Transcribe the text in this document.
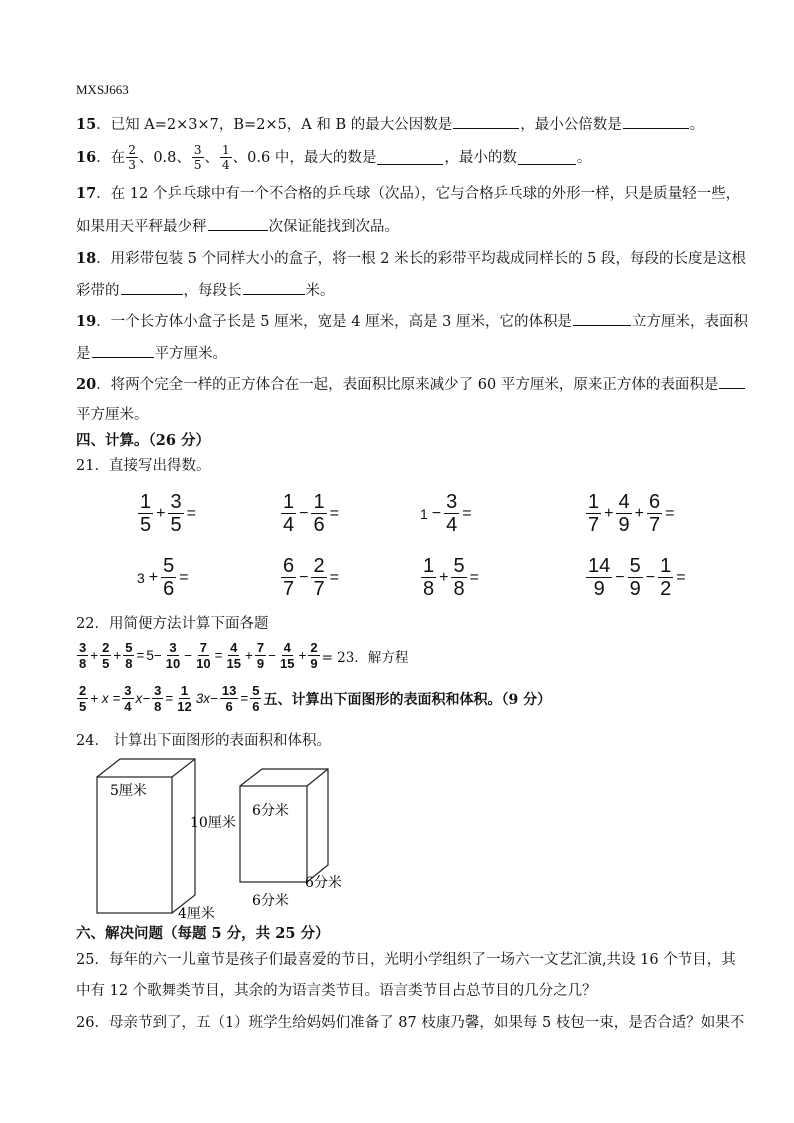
MXSJ663
15．已知 A=2×3×7，B=2×5，A 和 B 的最大公因数是	，最小公倍数是	。
16 ．在 $\frac{2}{3}$ 、0.8、 $\frac{3}{5}$ 、 $\frac{1}{4}$ 、0.6 中，最大的数是	，最小的数	。
17．在 12 个乒乓球中有一个不合格的乒乓球（次品），它与合格乒乓球的外形一样，只是质量轻一些，
如果用天平秤最少秤	次保证能找到次品。
18．用彩带包装 5 个同样大小的盒子，将一根 2 米长的彩带平均裁成同样长的 5 段，每段的长度是这根
彩带的	，每段长	米。
19．一个长方体小盒子长是 5 厘米，宽是 4 厘米，高是 3 厘米，它的体积是	立方厘米，表面积
是	平方厘米。
20．将两个完全一样的正方体合在一起，表面积比原来减少了 60 平方厘米，原来正方体的表面积是
平方厘米。
四、计算。（26 分）
21．直接写出得数。
$\frac{1}{5} + \frac{3}{5}$ =	$\frac{1}{4} - \frac{1}{6}$ =	$1 - \frac{3}{4}$ =	$\frac{1}{7} + \frac{4}{9} + \frac{6}{7}$ =
$3 + \frac{5}{6}$ =	$\frac{6}{7} - \frac{2}{7}$ =	$\frac{1}{8} + \frac{5}{8}$ =	$\frac{14}{9} - \frac{5}{9} - \frac{1}{2}$ =
22．用简便方法计算下面各题
$\frac{3}{8} + \frac{2}{5} + \frac{5}{8} = 5- \frac{3}{10} - \frac{7}{10} = \frac{4}{15} + \frac{7}{9} - \frac{4}{15} + \frac{2}{9} = 23$．解方程
$\frac{2}{5} + x = \frac{3}{4} x- \frac{3}{8} = \frac{1}{12} 3x- \frac{13}{6} = \frac{5}{6}$ 五、计算出下面图形的表面积和体积。（9 分）
24． 计算出下面图形的表面积和体积。
5厘米
10厘米
4厘米
6分米
6分米
6分米
六、解决问题（每题 5 分，共 25 分）
25．每年的六一儿童节是孩子们最喜爱的节日，光明小学组织了一场六一文艺汇演,共设 16 个节目，其
中有 12 个歌舞类节目，其余的为语言类节目。语言类节目占总节目的几分之几？
26．母亲节到了，五（1）班学生给妈妈们准备了 87 枝康乃馨，如果每 5 枝包一束，是否合适？如果不
